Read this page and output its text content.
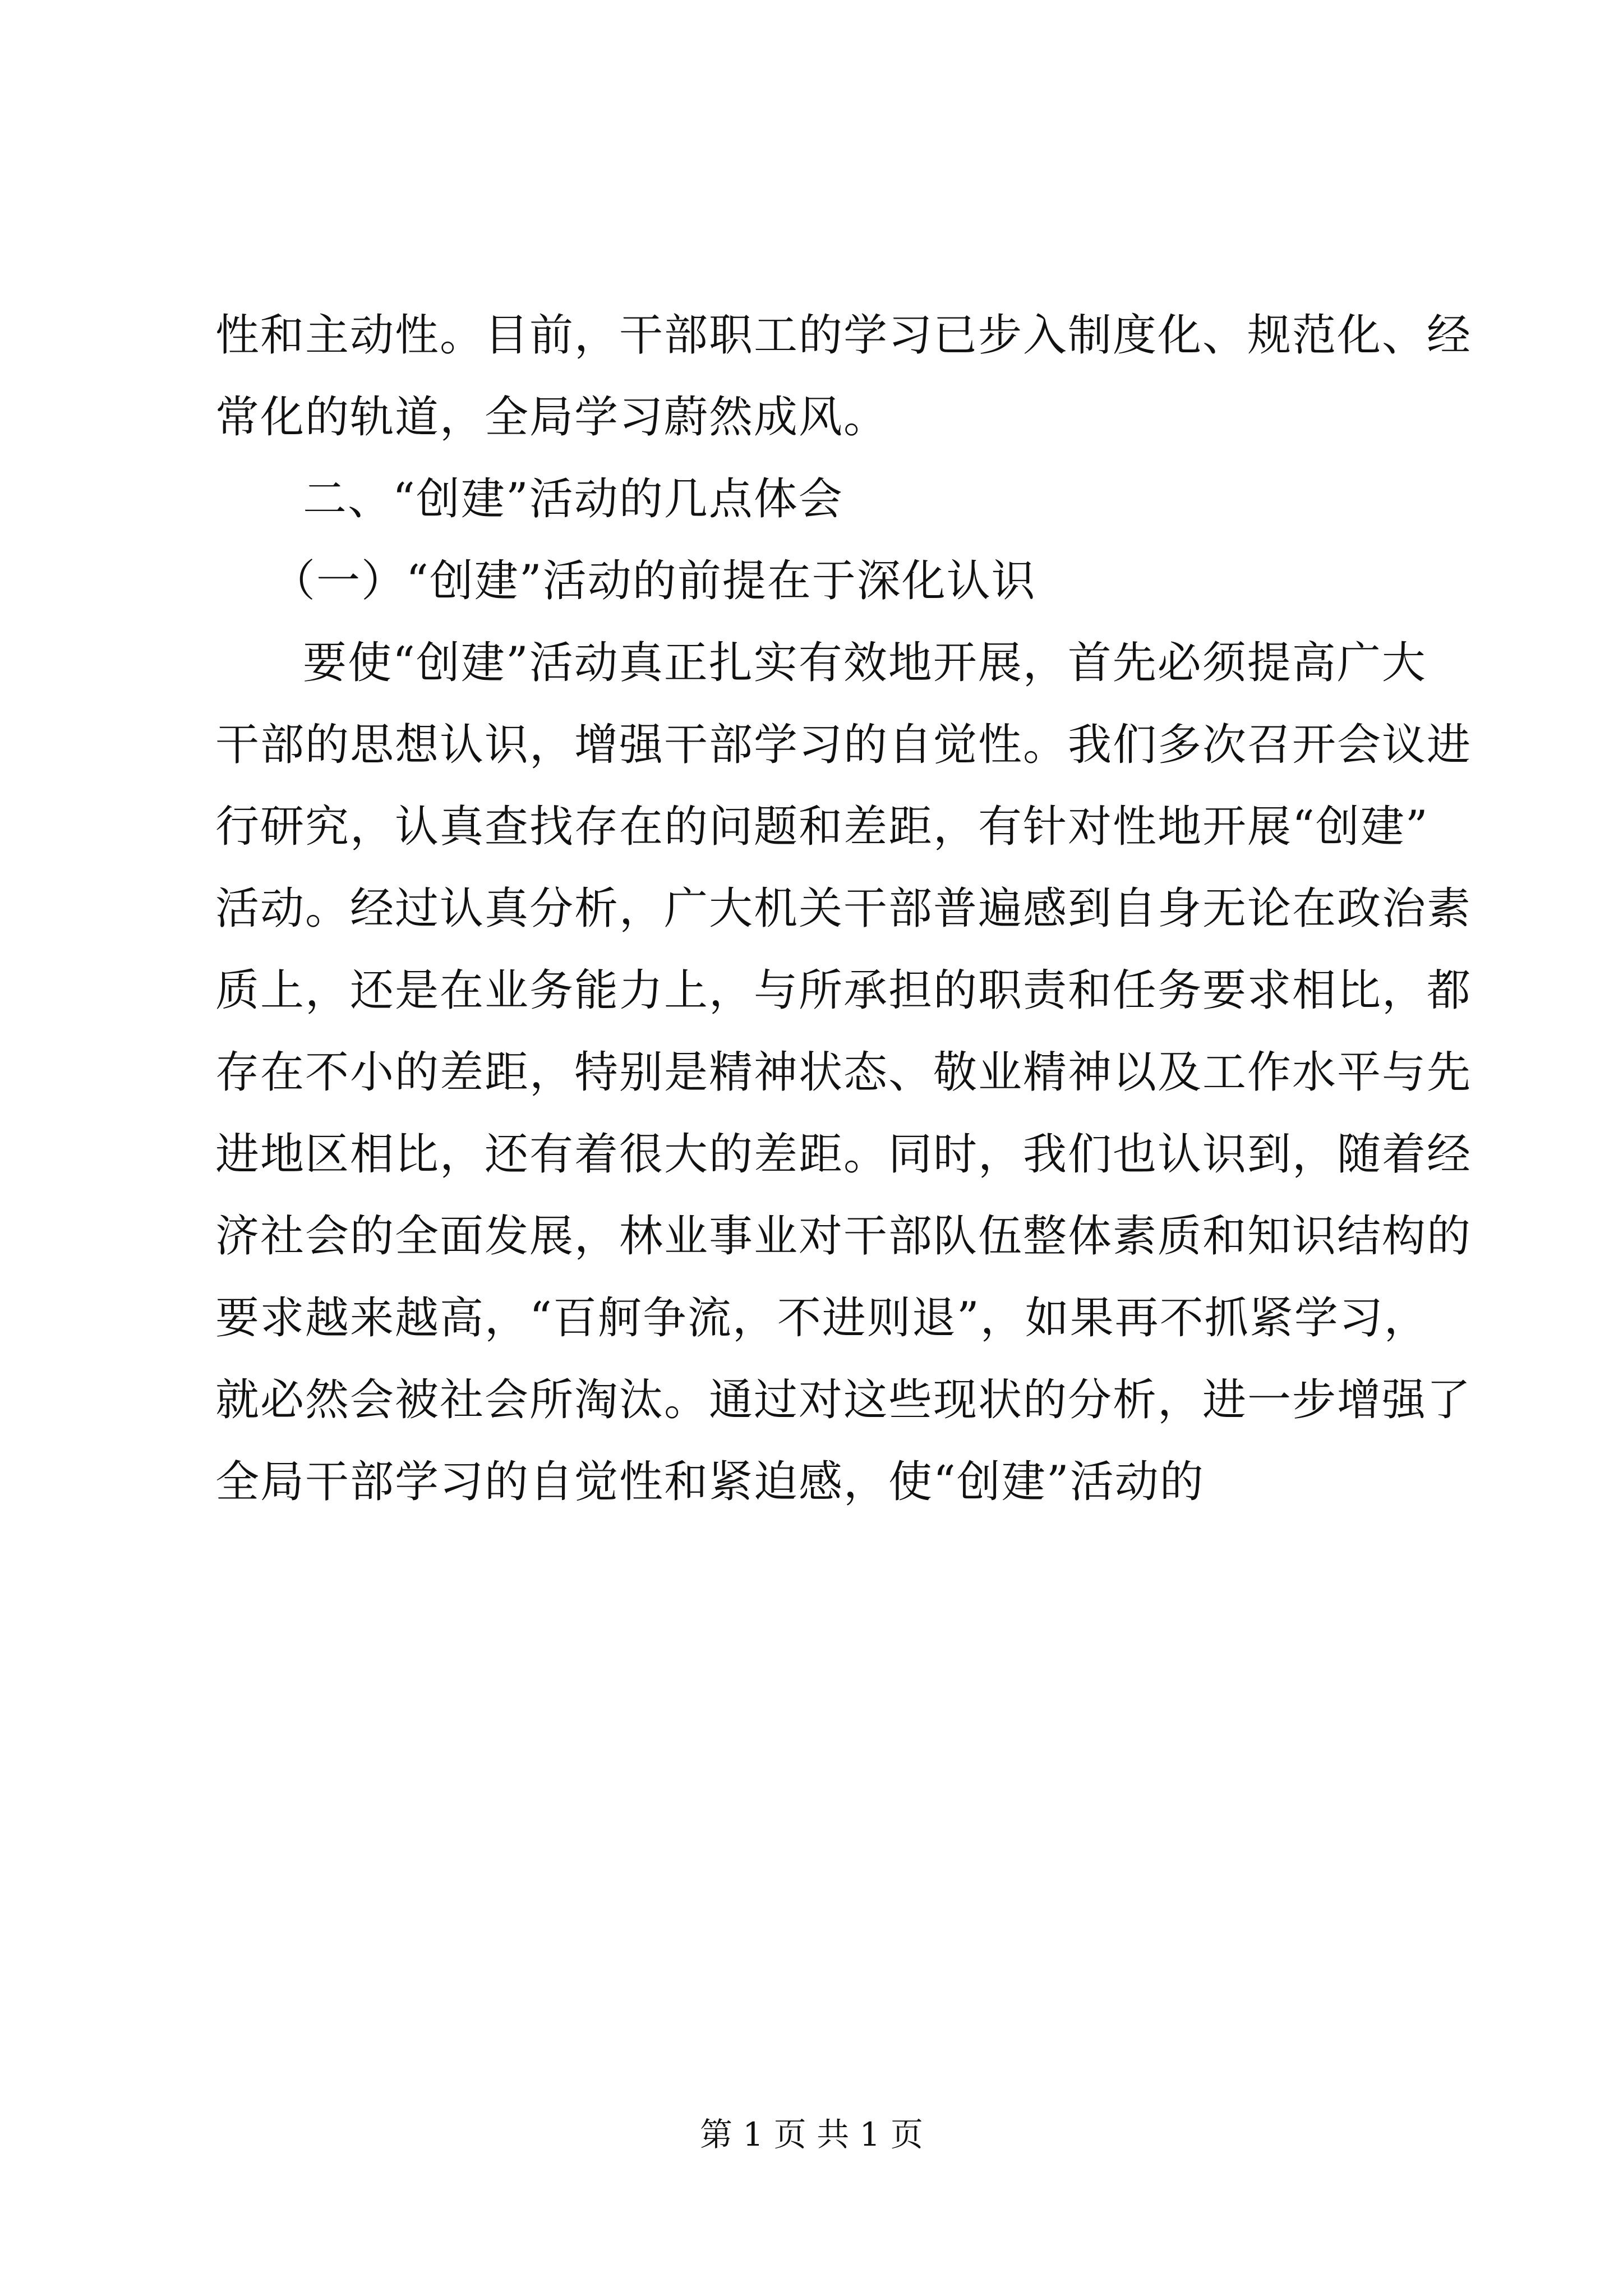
性和主动性。目前，干部职工的学习已步入制度化、规范化、经
常化的轨道，全局学习蔚然成风。
二、“创建”活动的几点体会
（一）“创建”活动的前提在于深化认识
要使“创建”活动真正扎实有效地开展，首先必须提高广大
干部的思想认识，增强干部学习的自觉性。我们多次召开会议进
行研究，认真查找存在的问题和差距，有针对性地开展“创建”
活动。经过认真分析，广大机关干部普遍感到自身无论在政治素
质上，还是在业务能力上，与所承担的职责和任务要求相比，都
存在不小的差距，特别是精神状态、敬业精神以及工作水平与先
进地区相比，还有着很大的差距。同时，我们也认识到，随着经
济社会的全面发展，林业事业对干部队伍整体素质和知识结构的
要求越来越高，“百舸争流，不进则退”，如果再不抓紧学习，
就必然会被社会所淘汰。通过对这些现状的分析，进一步增强了
全局干部学习的自觉性和紧迫感，使“创建”活动的
第 1 页 共 1 页
